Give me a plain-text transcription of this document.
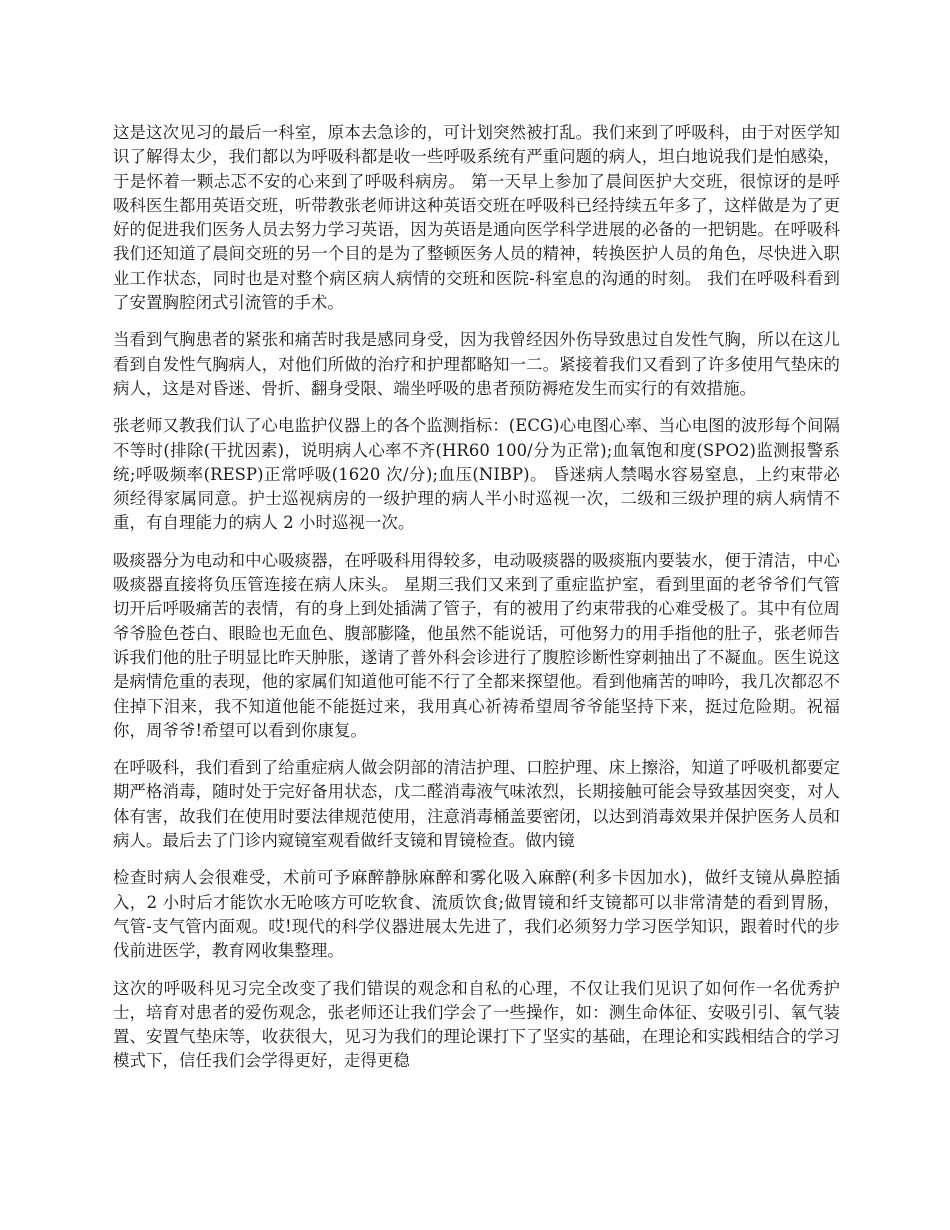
这是这次见习的最后一科室，原本去急诊的，可计划突然被打乱。我们来到了呼吸科，由于对医学知识了解得太少，我们都以为呼吸科都是收一些呼吸系统有严重问题的病人，坦白地说我们是怕感染，于是怀着一颗忐忑不安的心来到了呼吸科病房。 第一天早上参加了晨间医护大交班，很惊讶的是呼吸科医生都用英语交班，听带教张老师讲这种英语交班在呼吸科已经持续五年多了，这样做是为了更好的促进我们医务人员去努力学习英语，因为英语是通向医学科学进展的必备的一把钥匙。在呼吸科我们还知道了晨间交班的另一个目的是为了整顿医务人员的精神，转换医护人员的角色，尽快进入职业工作状态，同时也是对整个病区病人病情的交班和医院-科室息的沟通的时刻。 我们在呼吸科看到了安置胸腔闭式引流管的手术。

当看到气胸患者的紧张和痛苦时我是感同身受，因为我曾经因外伤导致患过自发性气胸，所以在这儿看到自发性气胸病人，对他们所做的治疗和护理都略知一二。紧接着我们又看到了许多使用气垫床的病人，这是对昏迷、骨折、翻身受限、端坐呼吸的患者预防褥疮发生而实行的有效措施。

张老师又教我们认了心电监护仪器上的各个监测指标：(ECG)心电图心率、当心电图的波形每个间隔不等时(排除(干扰因素)，说明病人心率不齐(HR60 100/分为正常);血氧饱和度(SPO2)监测报警系统;呼吸频率(RESP)正常呼吸(1620 次/分);血压(NIBP)。 昏迷病人禁喝水容易窒息，上约束带必须经得家属同意。护士巡视病房的一级护理的病人半小时巡视一次，二级和三级护理的病人病情不重，有自理能力的病人 2 小时巡视一次。

吸痰器分为电动和中心吸痰器，在呼吸科用得较多，电动吸痰器的吸痰瓶内要装水，便于清洁，中心吸痰器直接将负压管连接在病人床头。 星期三我们又来到了重症监护室，看到里面的老爷爷们气管切开后呼吸痛苦的表情，有的身上到处插满了管子，有的被用了约束带我的心难受极了。其中有位周爷爷脸色苍白、眼睑也无血色、腹部膨隆，他虽然不能说话，可他努力的用手指他的肚子，张老师告诉我们他的肚子明显比昨天肿胀，遂请了普外科会诊进行了腹腔诊断性穿刺抽出了不凝血。医生说这是病情危重的表现，他的家属们知道他可能不行了全都来探望他。看到他痛苦的呻吟，我几次都忍不住掉下泪来，我不知道他能不能挺过来，我用真心祈祷希望周爷爷能坚持下来，挺过危险期。祝福你，周爷爷!希望可以看到你康复。

在呼吸科，我们看到了给重症病人做会阴部的清洁护理、口腔护理、床上擦浴，知道了呼吸机都要定期严格消毒，随时处于完好备用状态，戊二醛消毒液气味浓烈，长期接触可能会导致基因突变，对人体有害，故我们在使用时要法律规范使用，注意消毒桶盖要密闭，以达到消毒效果并保护医务人员和病人。最后去了门诊内窥镜室观看做纤支镜和胃镜检查。做内镜

检查时病人会很难受，术前可予麻醉静脉麻醉和雾化吸入麻醉(利多卡因加水)，做纤支镜从鼻腔插入，2 小时后才能饮水无呛咳方可吃软食、流质饮食;做胃镜和纤支镜都可以非常清楚的看到胃肠，气管-支气管内面观。哎!现代的科学仪器进展太先进了，我们必须努力学习医学知识，跟着时代的步伐前进医学，教育网收集整理。

这次的呼吸科见习完全改变了我们错误的观念和自私的心理，不仅让我们见识了如何作一名优秀护士，培育对患者的爱伤观念，张老师还让我们学会了一些操作，如：测生命体征、安吸引引、氧气装置、安置气垫床等，收获很大，见习为我们的理论课打下了坚实的基础，在理论和实践相结合的学习模式下，信任我们会学得更好，走得更稳
